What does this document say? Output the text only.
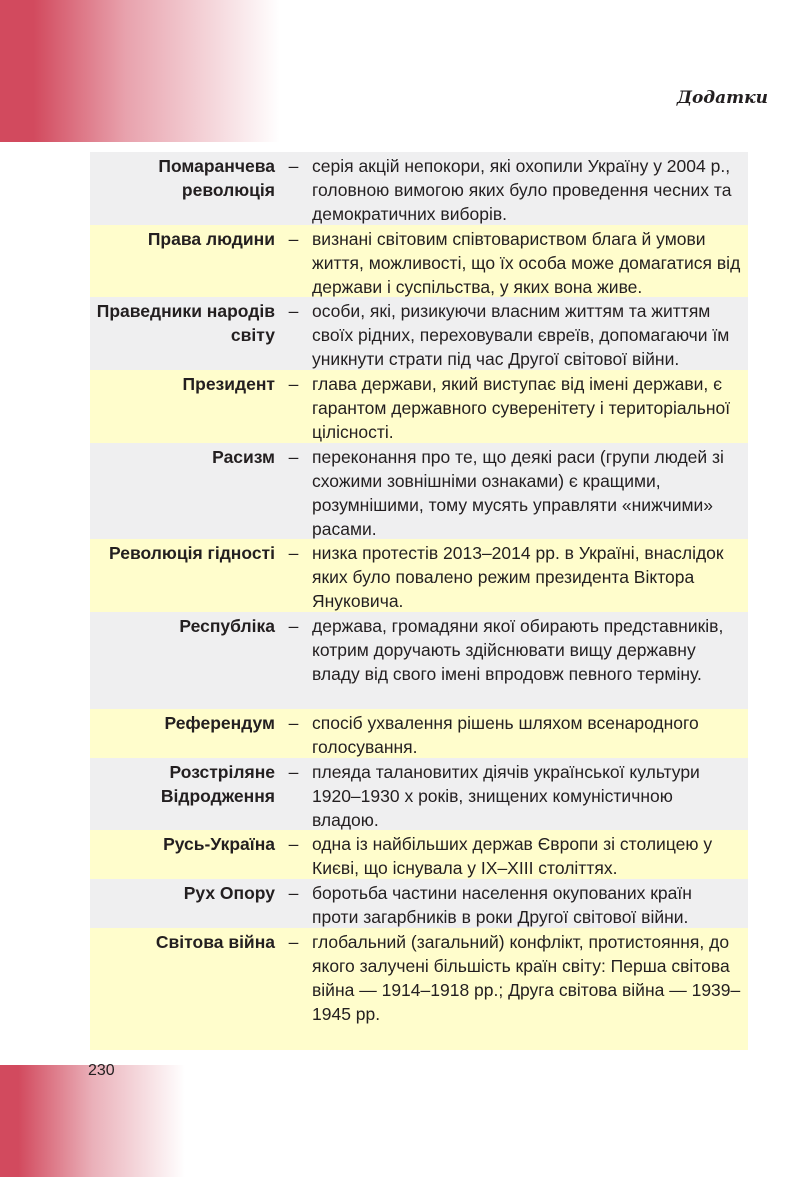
Додатки
Помаранчева революція
– серія акцій непокори, які охопили Україну у 2004 р., головною вимогою яких було проведення чесних та демократичних виборів.
Права людини – визнані світовим співтовариством блага й умови життя, можливості, що їх особа може домагатися від держави і суспільства, у яких вона живе.
Праведники народів світу
– особи, які, ризикуючи власним життям та життям своїх рідних, переховували євреїв, допомагаючи їм уникнути страти під час Другої світової війни.
Президент – глава держави, який виступає від імені держави, є гарантом державного суверенітету і територіальної цілісності.
Расизм – переконання про те, що деякі раси (групи людей зі схожими зовнішніми ознаками) є кращими, розумнішими, тому мусять управляти «нижчими» расами.
Революція гідності – низка протестів 2013–2014 рр. в Україні, внаслідок яких було повалено режим президента Віктора Януковича.
Республіка – держава, громадяни якої обирають представників, котрим доручають здійснювати вищу державну владу від свого імені впродовж певного терміну.
Референдум – спосіб ухвалення рішень шляхом всенародного голосування.
Розстріляне Відродження
– плеяда талановитих діячів української культури 1920–1930 х років, знищених комуністичною владою.
Русь-Україна – одна із найбільших держав Європи зі столицею у Києві, що існувала у ІХ–ХІІІ століттях.
Рух Опору – боротьба частини населення окупованих країн проти загарбників в роки Другої світової війни.
Світова війна – глобальний (загальний) конфлікт, протистояння, до якого залучені більшість країн світу: Перша світова війна — 1914–1918 рр.; Друга світова війна — 1939–1945 рр.
230
